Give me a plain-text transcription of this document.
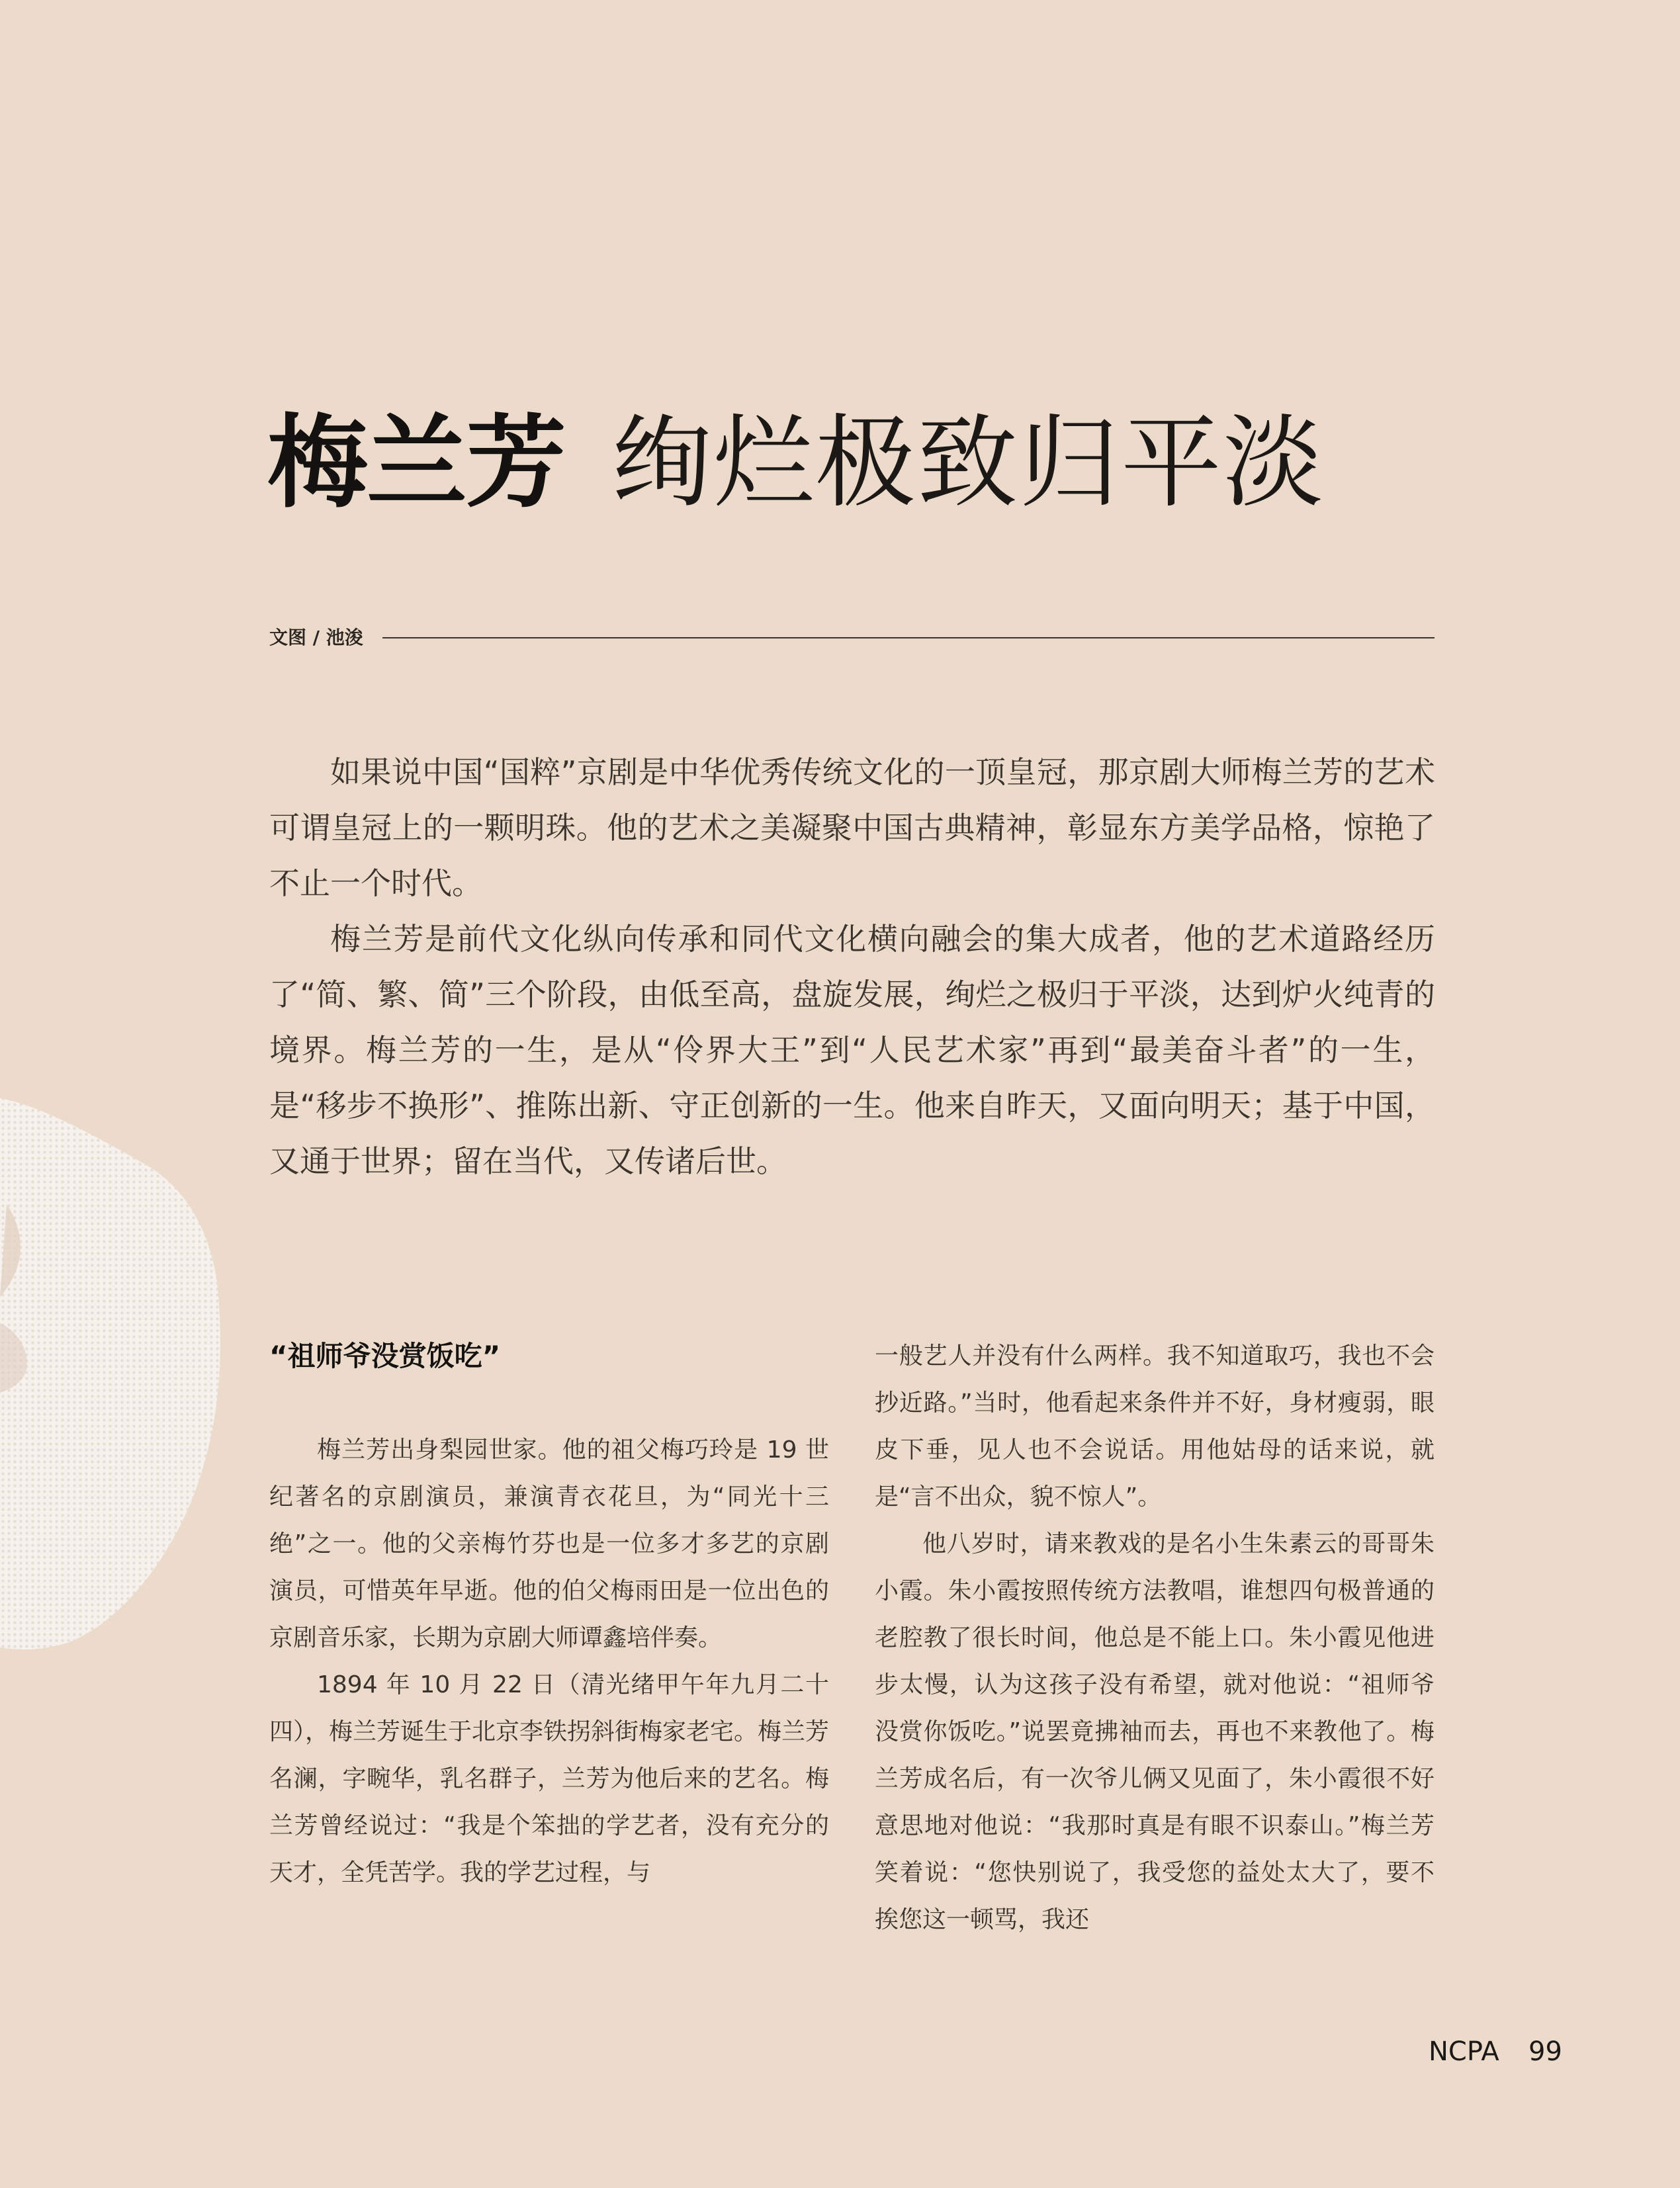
梅兰芳 绚烂极致归平淡
文图 / 池浚

如果说中国“国粹”京剧是中华优秀传统文化的一顶皇冠，那京剧大师梅兰芳的艺术可谓皇冠上的一颗明珠。他的艺术之美凝聚中国古典精神，彰显东方美学品格，惊艳了不止一个时代。

梅兰芳是前代文化纵向传承和同代文化横向融会的集大成者，他的艺术道路经历了“简、繁、简”三个阶段，由低至高，盘旋发展，绚烂之极归于平淡，达到炉火纯青的境界。梅兰芳的一生，是从“伶界大王”到“人民艺术家”再到“最美奋斗者”的一生，是“移步不换形”、推陈出新、守正创新的一生。他来自昨天，又面向明天；基于中国，又通于世界；留在当代，又传诸后世。

“祖师爷没赏饭吃”

梅兰芳出身梨园世家。他的祖父梅巧玲是 19 世纪著名的京剧演员，兼演青衣花旦，为“同光十三绝”之一。他的父亲梅竹芬也是一位多才多艺的京剧演员，可惜英年早逝。他的伯父梅雨田是一位出色的京剧音乐家，长期为京剧大师谭鑫培伴奏。

1894 年 10 月 22 日（清光绪甲午年九月二十四），梅兰芳诞生于北京李铁拐斜街梅家老宅。梅兰芳名澜，字畹华，乳名群子，兰芳为他后来的艺名。梅兰芳曾经说过：“我是个笨拙的学艺者，没有充分的天才，全凭苦学。我的学艺过程，与

一般艺人并没有什么两样。我不知道取巧，我也不会抄近路。”当时，他看起来条件并不好，身材瘦弱，眼皮下垂，见人也不会说话。用他姑母的话来说，就是“言不出众，貌不惊人”。

他八岁时，请来教戏的是名小生朱素云的哥哥朱小霞。朱小霞按照传统方法教唱，谁想四句极普通的老腔教了很长时间，他总是不能上口。朱小霞见他进步太慢，认为这孩子没有希望，就对他说：“祖师爷没赏你饭吃。”说罢竟拂袖而去，再也不来教他了。梅兰芳成名后，有一次爷儿俩又见面了，朱小霞很不好意思地对他说：“我那时真是有眼不识泰山。”梅兰芳笑着说：“您快别说了，我受您的益处太大了，要不挨您这一顿骂，我还

NCPA 99
